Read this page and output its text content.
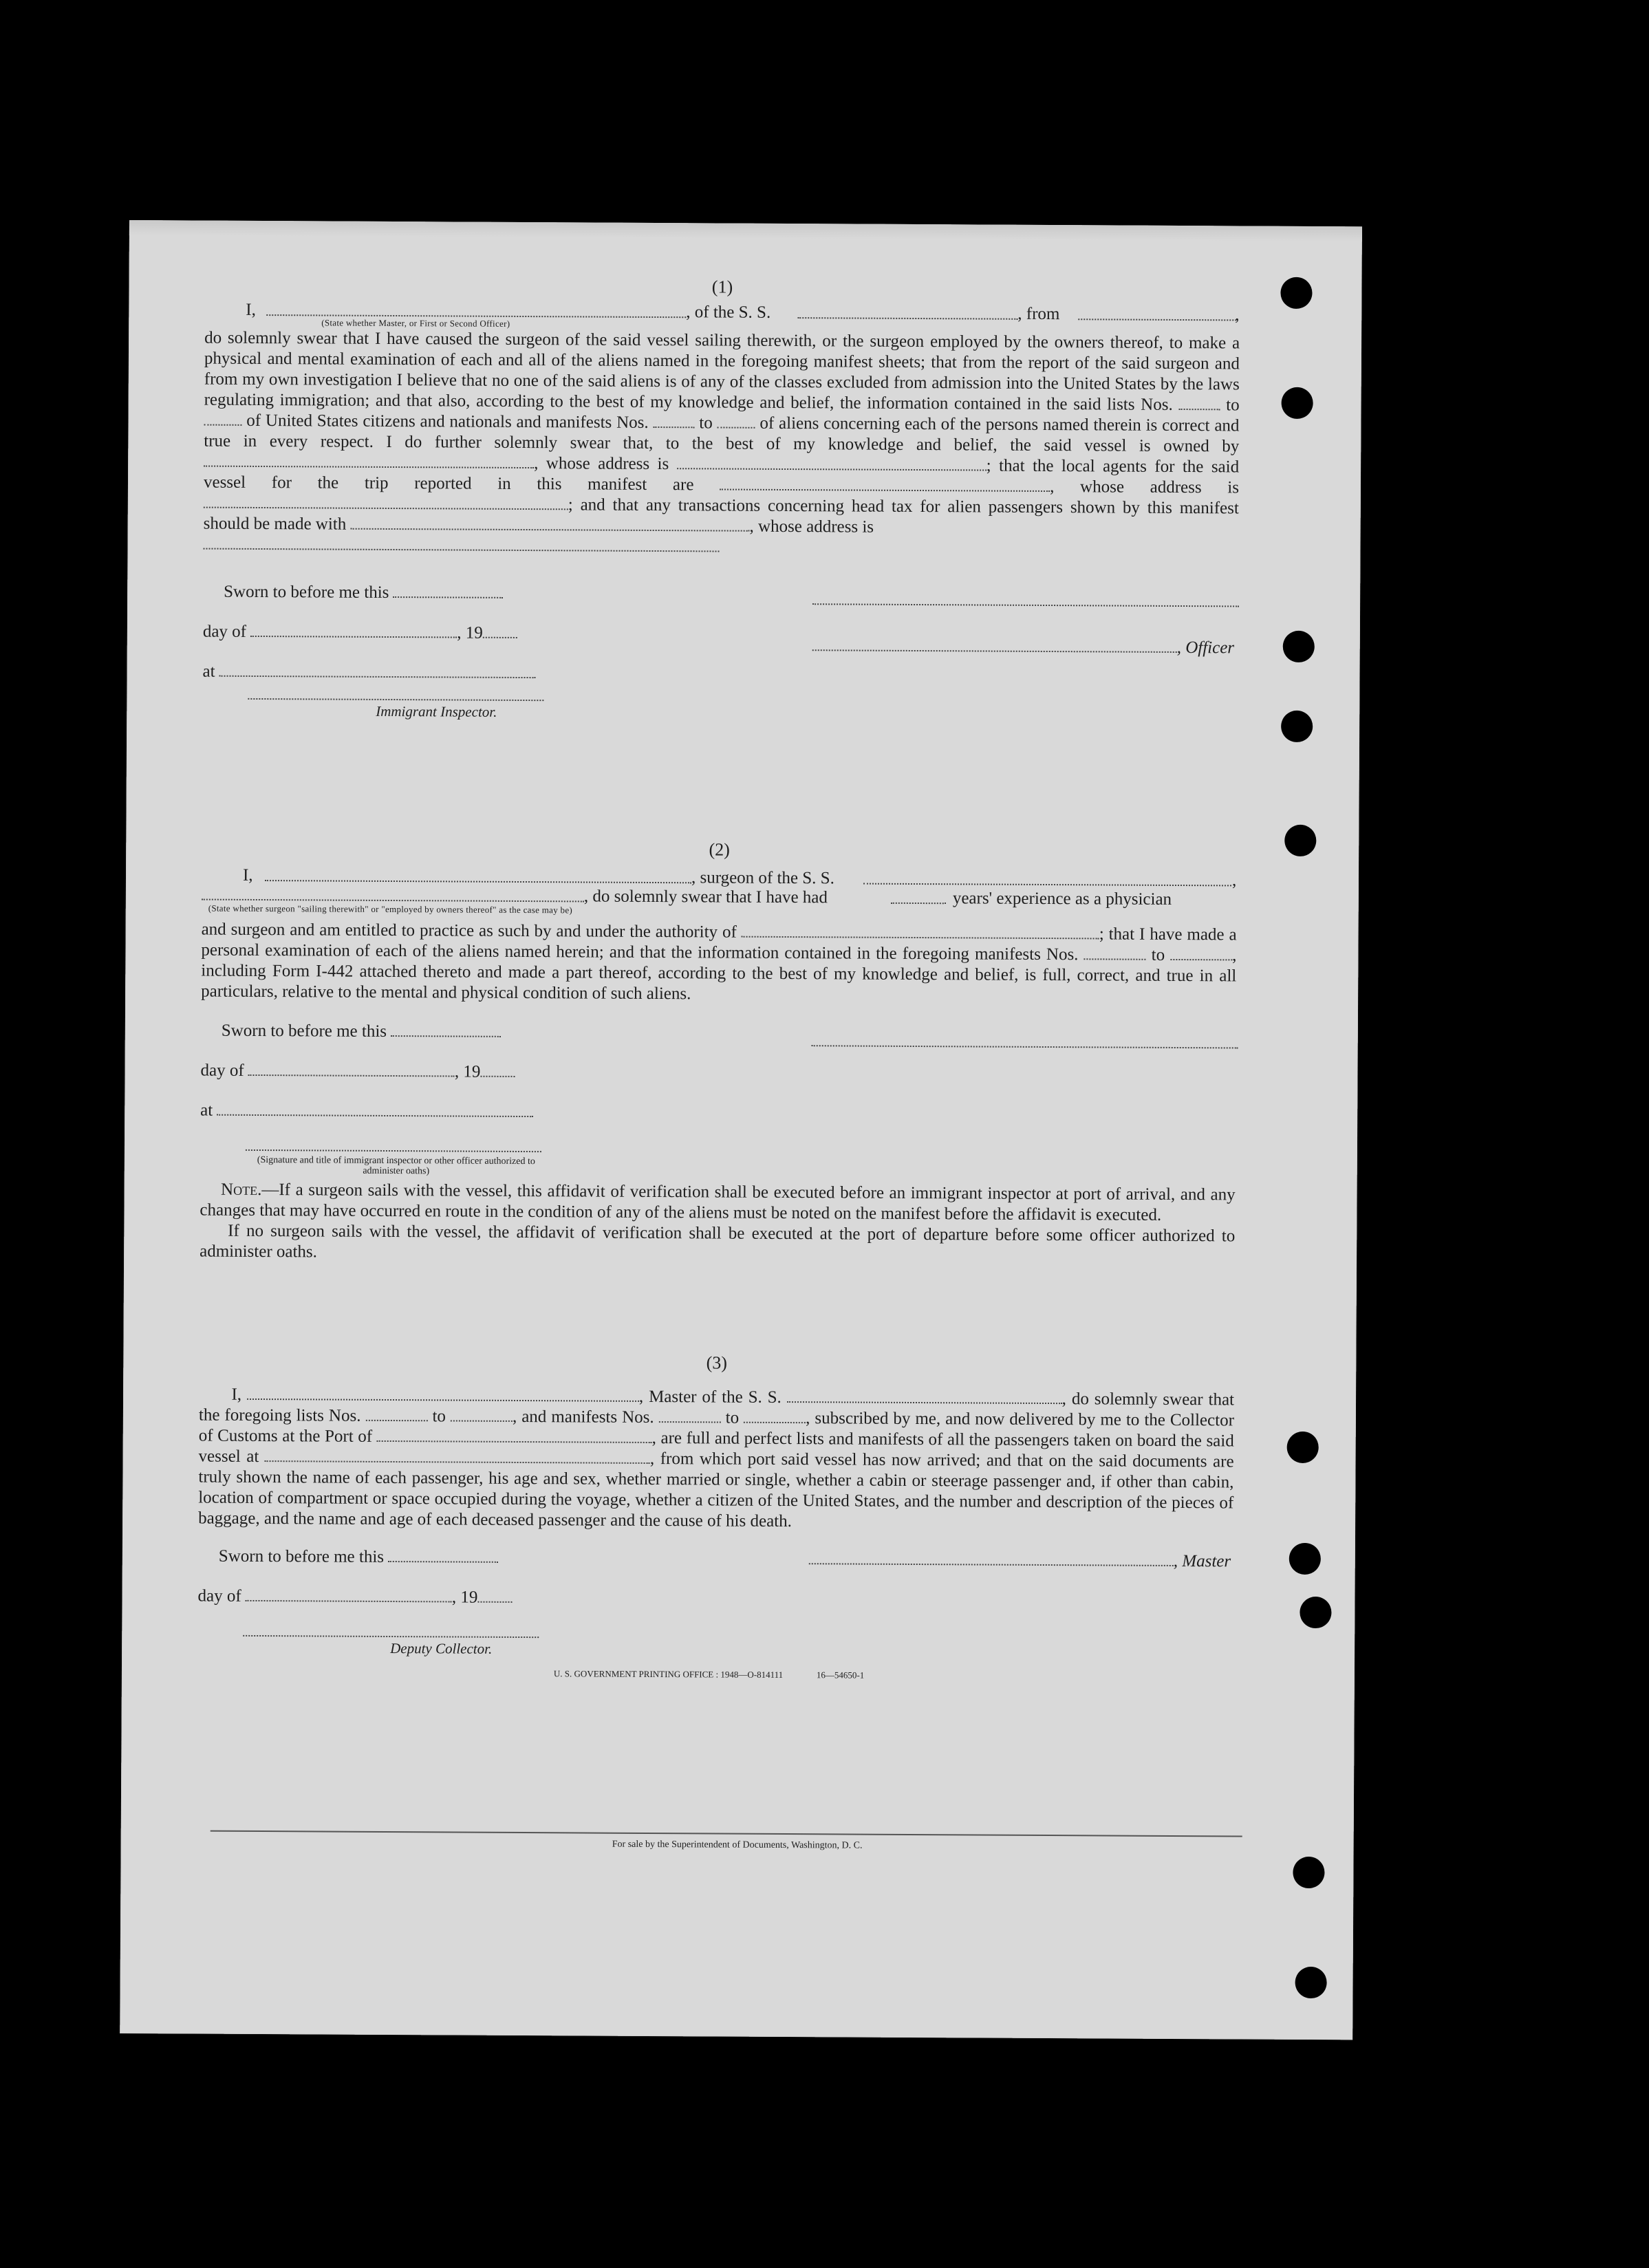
(1)

I,
(State whether Master, or First or Second Officer)
, of the S. S.	, from	,

do solemnly swear that I have caused the surgeon of the said vessel sailing therewith, or the surgeon employed by the owners thereof, to make a physical and mental examination of each and all of the aliens named in the foregoing manifest sheets; that from the report of the said surgeon and from my own investigation I believe that no one of the said aliens is of any of the classes excluded from admission into the United States by the laws regulating immigration; and that also, according to the best of my knowledge and belief, the information contained in the said lists Nos.	to  of United States citizens and nationals and manifests Nos.	to	of aliens concerning each of the persons named therein is correct and true in every respect. I do further solemnly swear that, to the best of my knowledge and belief, the said vessel is owned by , whose address is	; that the local agents for the said vessel for the trip reported in this manifest are	, whose address is ; and that any transactions concerning head tax for alien passengers shown by this manifest should be made with	, whose address is

Sworn to before me this
day of	, 19
at
, Officer
Immigrant Inspector.

(2)

I,	, surgeon of the S. S.	,
, do solemnly swear that I have had	years' experience as a physician
(State whether surgeon "sailing therewith" or "employed by owners thereof" as the case may be)

and surgeon and am entitled to practice as such by and under the authority of	; that I have made a personal examination of each of the aliens named herein; and that the information contained in the foregoing manifests Nos.	to	, including Form I-442 attached thereto and made a part thereof, according to the best of my knowledge and belief, is full, correct, and true in all particulars, relative to the mental and physical condition of such aliens.

Sworn to before me this
day of	, 19
at
(Signature and title of immigrant inspector or other officer authorized to administer oaths)

Note.—If a surgeon sails with the vessel, this affidavit of verification shall be executed before an immigrant inspector at port of arrival, and any changes that may have occurred en route in the condition of any of the aliens must be noted on the manifest before the affidavit is executed.

If no surgeon sails with the vessel, the affidavit of verification shall be executed at the port of departure before some officer authorized to administer oaths.

(3)

I,	, Master of the S. S.	, do solemnly swear that the foregoing lists Nos.	to	, and manifests Nos.	to	, subscribed by me, and now delivered by me to the Collector of Customs at the Port of	, are full and perfect lists and manifests of all the passengers taken on board the said vessel at	, from which port said vessel has now arrived; and that on the said documents are truly shown the name of each passenger, his age and sex, whether married or single, whether a cabin or steerage passenger and, if other than cabin, location of compartment or space occupied during the voyage, whether a citizen of the United States, and the number and description of the pieces of baggage, and the name and age of each deceased passenger and the cause of his death.

Sworn to before me this	, Master
day of	, 19
Deputy Collector.
U. S. GOVERNMENT PRINTING OFFICE : 1948—O-814111	16—54650-1
For sale by the Superintendent of Documents, Washington, D. C.
